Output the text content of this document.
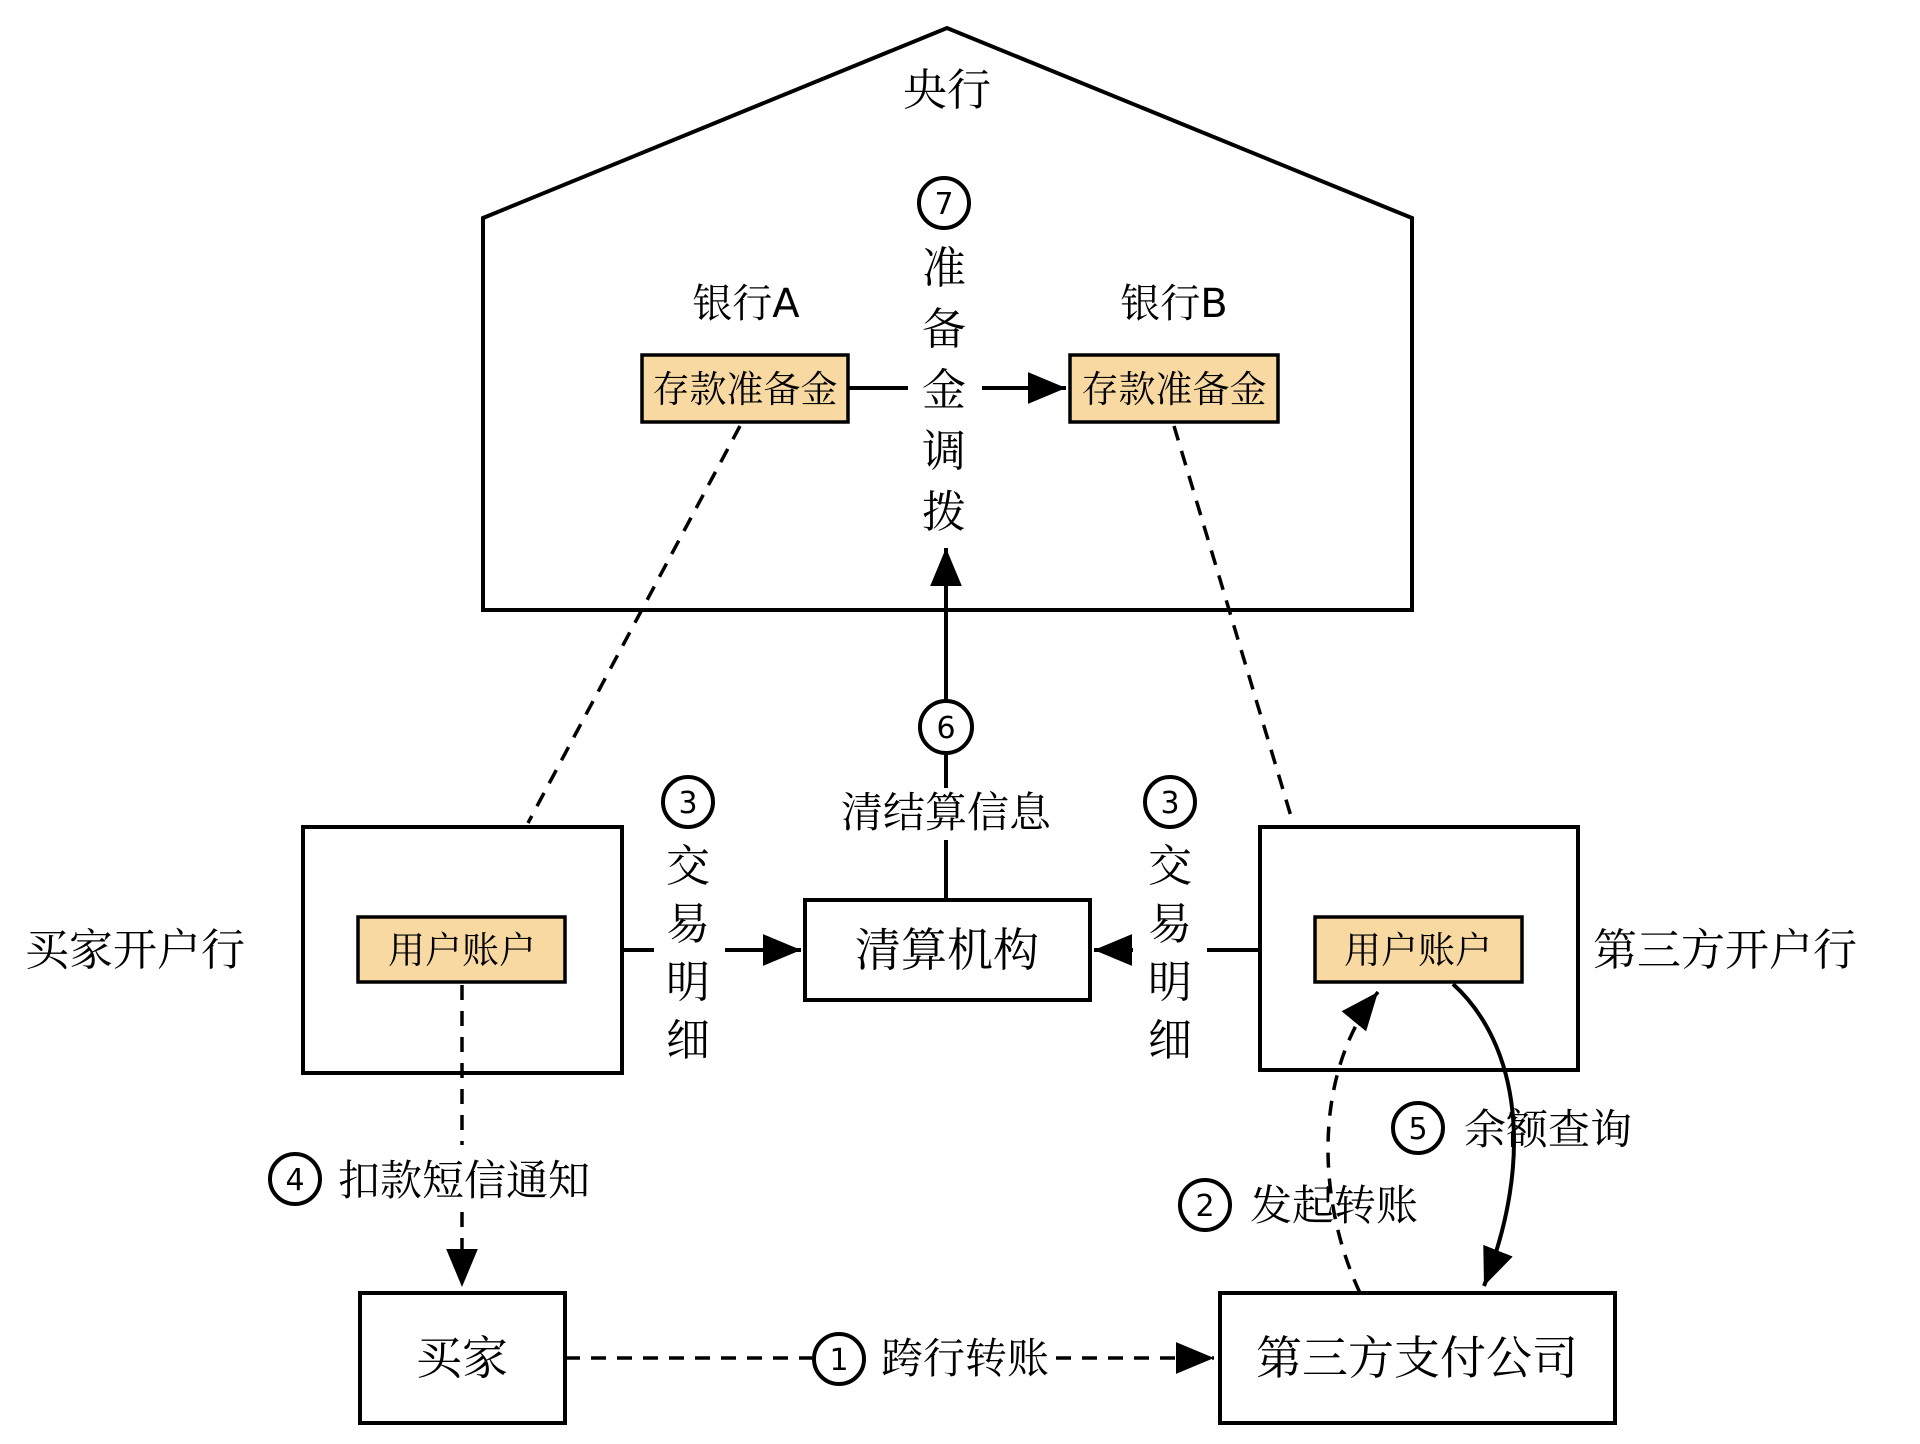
央行
银行A
存款准备金
银行B
存款准备金
7
准
备
金
调
拨
6
清结算信息
清算机构
买家开户行	用户账户	用户账户 第三方开户行
3
交
易
明
细
3
交
易
明
细
4 扣款短信通知
买家	第三方支付公司
1 跨行转账
2 发起转账
5 余额查询
